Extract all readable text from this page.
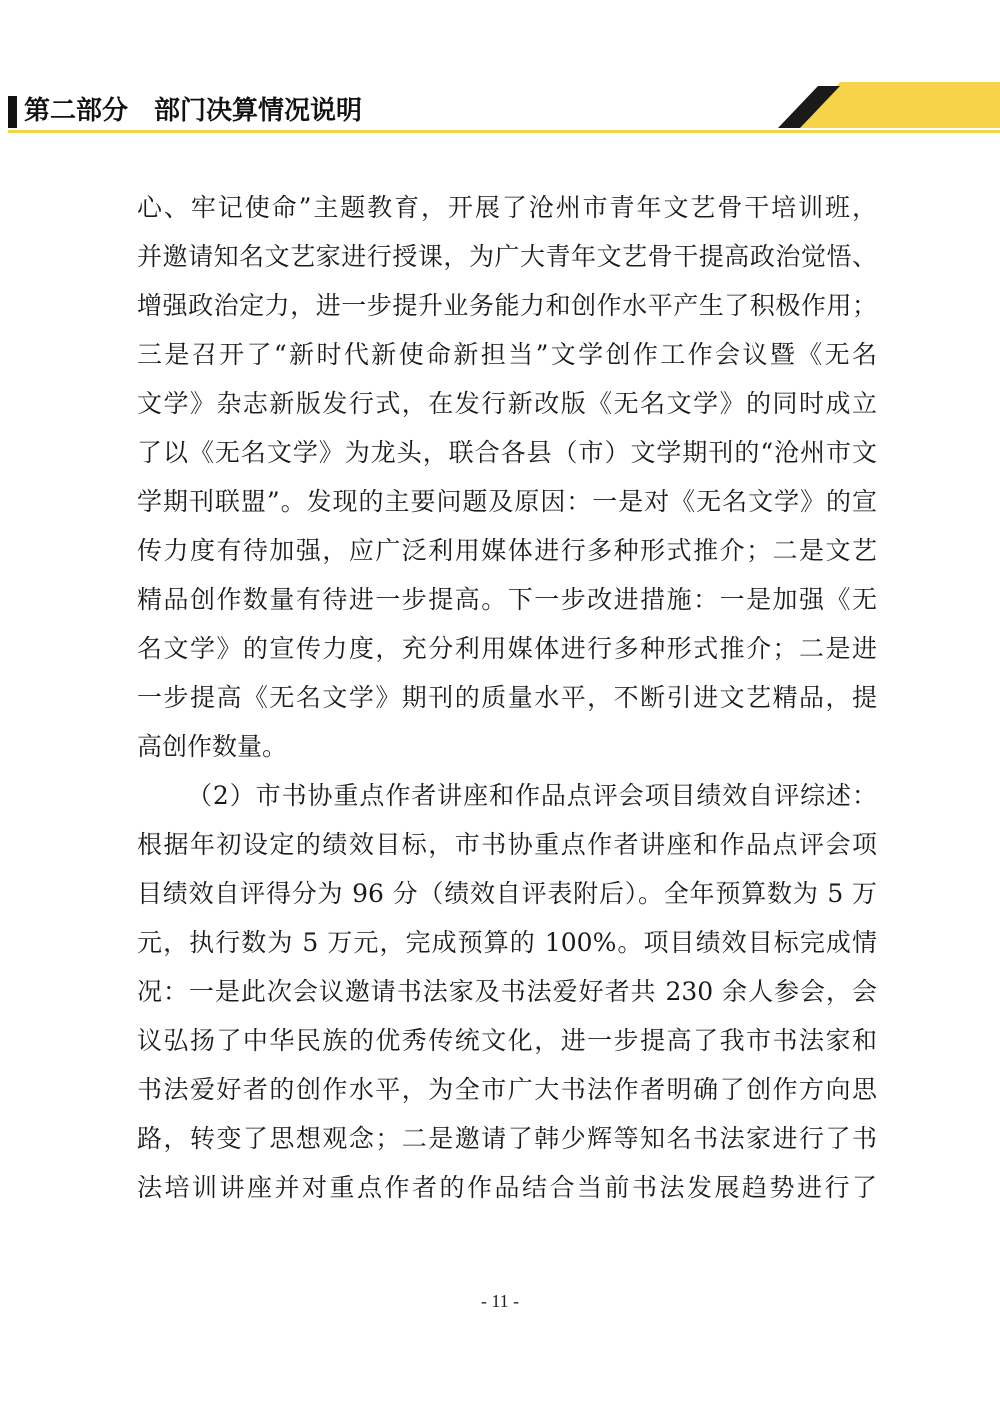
第二部分　部门决算情况说明
心、牢记使命”主题教育，开展了沧州市青年文艺骨干培训班，
并邀请知名文艺家进行授课，为广大青年文艺骨干提高政治觉悟、
增强政治定力，进一步提升业务能力和创作水平产生了积极作用；
三是召开了“新时代新使命新担当”文学创作工作会议暨《无名
文学》杂志新版发行式，在发行新改版《无名文学》的同时成立
了以《无名文学》为龙头，联合各县（市）文学期刊的“沧州市文
学期刊联盟”。发现的主要问题及原因：一是对《无名文学》的宣
传力度有待加强，应广泛利用媒体进行多种形式推介；二是文艺
精品创作数量有待进一步提高。下一步改进措施：一是加强《无
名文学》的宣传力度，充分利用媒体进行多种形式推介；二是进
一步提高《无名文学》期刊的质量水平，不断引进文艺精品，提
高创作数量。
（2）市书协重点作者讲座和作品点评会项目绩效自评综述：
根据年初设定的绩效目标，市书协重点作者讲座和作品点评会项
目绩效自评得分为 96 分（绩效自评表附后）。全年预算数为 5 万
元，执行数为 5 万元，完成预算的 100%。项目绩效目标完成情
况：一是此次会议邀请书法家及书法爱好者共 230 余人参会，会
议弘扬了中华民族的优秀传统文化，进一步提高了我市书法家和
书法爱好者的创作水平，为全市广大书法作者明确了创作方向思
路，转变了思想观念；二是邀请了韩少辉等知名书法家进行了书
法培训讲座并对重点作者的作品结合当前书法发展趋势进行了
- 11 -
